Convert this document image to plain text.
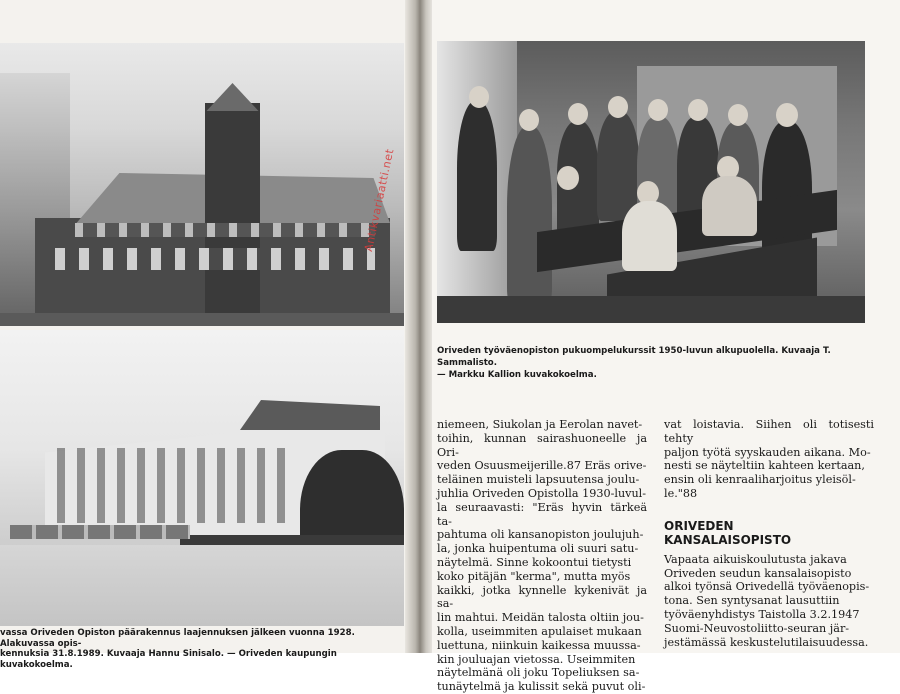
vassa Oriveden Opiston päärakennus laajennuksen jälkeen vuonna 1928. Alakuvassa opis-
kennuksia 31.8.1989. Kuvaaja Hannu Sinisalo. — Oriveden kaupungin kuvakokoelma.
Oriveden työväenopiston pukuompelukurssit 1950-luvun alkupuolella. Kuvaaja T. Sammalisto.
— Markku Kallion kuvakokoelma.
Antikvariaatti.net

niemeen, Siukolan ja Eerolan navet-

toihin, kunnan sairashuoneelle ja Ori-

veden Osuusmeijerille.87 Eräs orive-

teläinen muisteli lapsuutensa joulu-

juhlia Oriveden Opistolla 1930-luvul-

la seuraavasti: "Eräs hyvin tärkeä ta-

pahtuma oli kansanopiston joulujuh-

la, jonka huipentuma oli suuri satu-

näytelmä. Sinne kokoontui tietysti

koko pitäjän "kerma", mutta myös

kaikki, jotka kynnelle kykenivät ja sa-

lin mahtui. Meidän talosta oltiin jou-

kolla, useimmiten apulaiset mukaan

luettuna, niinkuin kaikessa muussa-

kin jouluajan vietossa. Useimmiten

näytelmänä oli joku Topeliuksen sa-

tunäytelmä ja kulissit sekä puvut oli-

vat loistavia. Siihen oli totisesti tehty

paljon työtä syyskauden aikana. Mo-

nesti se näyteltiin kahteen kertaan,

ensin oli kenraaliharjoitus yleisöl-

le."88

ORIVEDEN
KANSALAISOPISTO

Vapaata aikuiskoulutusta jakava

Oriveden seudun kansalaisopisto

alkoi työnsä Orivedellä työväenopis-

tona. Sen syntysanat lausuttiin

työväenyhdistys Taistolla 3.2.1947

Suomi-Neuvostoliitto-seuran jär-

jestämässä keskustelutilaisuudessa.
